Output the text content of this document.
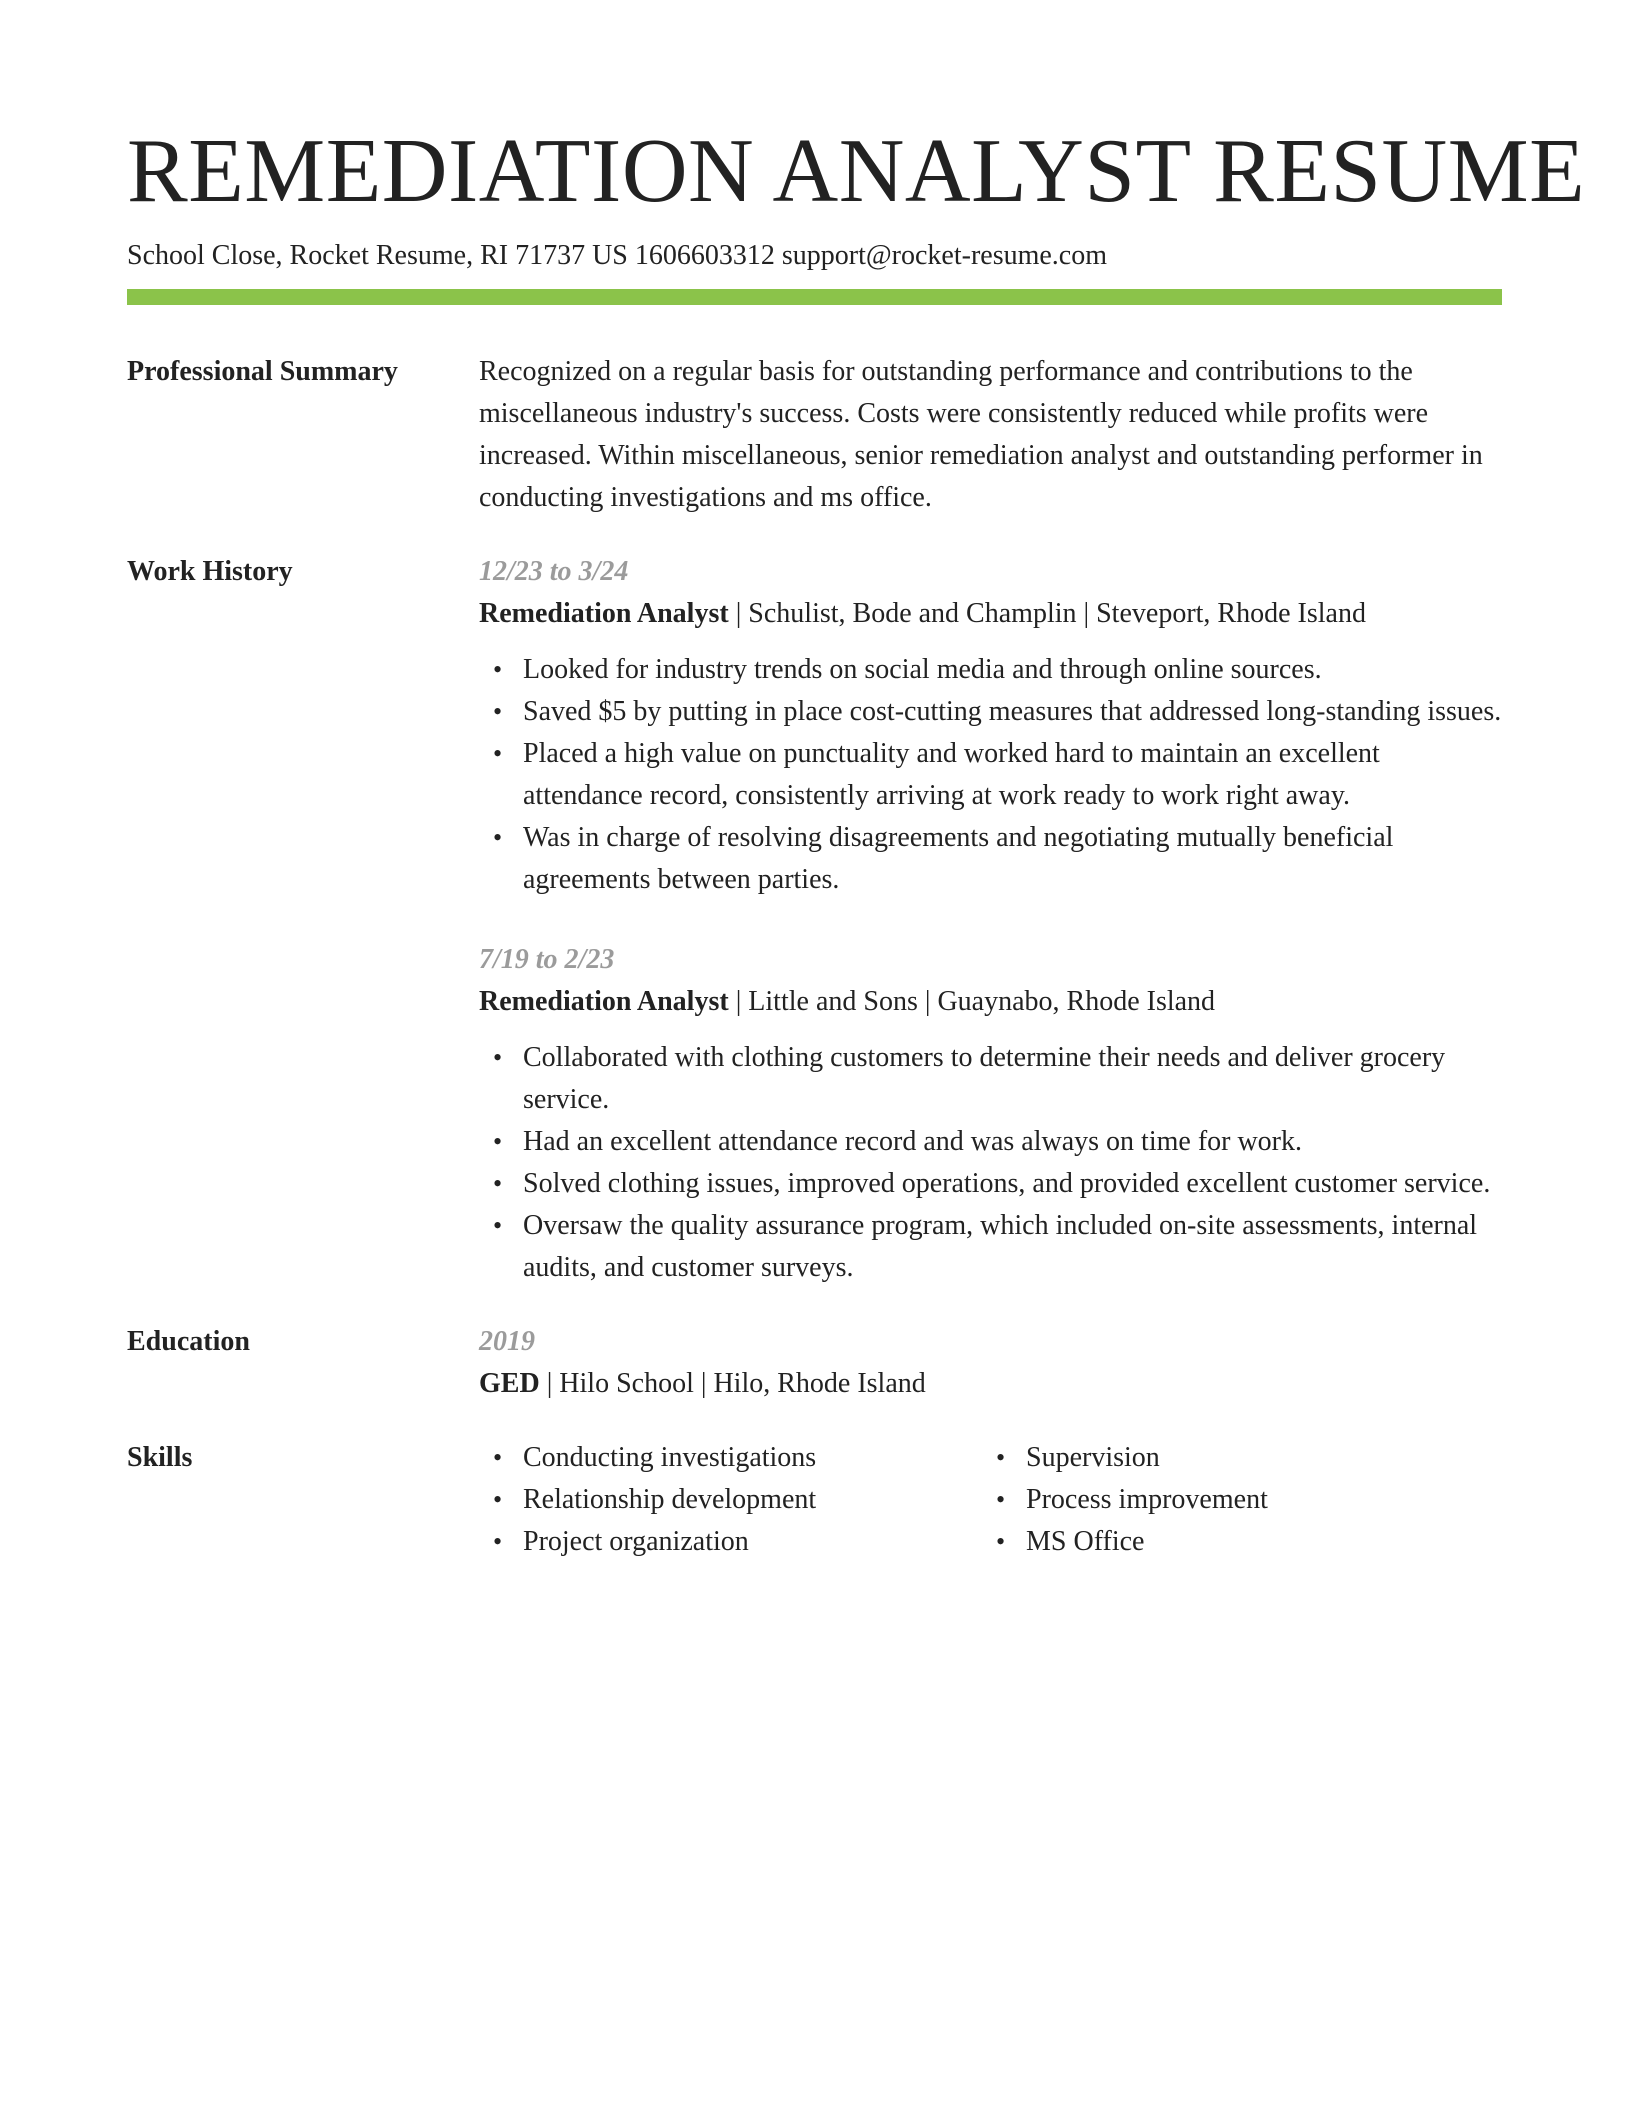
REMEDIATION ANALYST RESUME
School Close, Rocket Resume, RI 71737 US 1606603312 support@rocket-resume.com
Professional Summary	Recognized on a regular basis for outstanding performance and contributions to the miscellaneous industry's success. Costs were consistently reduced while profits were increased. Within miscellaneous, senior remediation analyst and outstanding performer in conducting investigations and ms office.

Work History	12/23 to 3/24
Remediation Analyst | Schulist, Bode and Champlin | Steveport, Rhode Island
• Looked for industry trends on social media and through online sources.
• Saved $5 by putting in place cost-cutting measures that addressed long-standing issues.
• Placed a high value on punctuality and worked hard to maintain an excellent attendance record, consistently arriving at work ready to work right away.
• Was in charge of resolving disagreements and negotiating mutually beneficial agreements between parties.
7/19 to 2/23
Remediation Analyst | Little and Sons | Guaynabo, Rhode Island
• Collaborated with clothing customers to determine their needs and deliver grocery service.
• Had an excellent attendance record and was always on time for work.
• Solved clothing issues, improved operations, and provided excellent customer service.
• Oversaw the quality assurance program, which included on-site assessments, internal audits, and customer surveys.
Education	2019
GED | Hilo School | Hilo, Rhode Island
Skills
•	Conducting investigations
• Relationship development
• Project organization
• Supervision
• Process improvement
• MS Office
